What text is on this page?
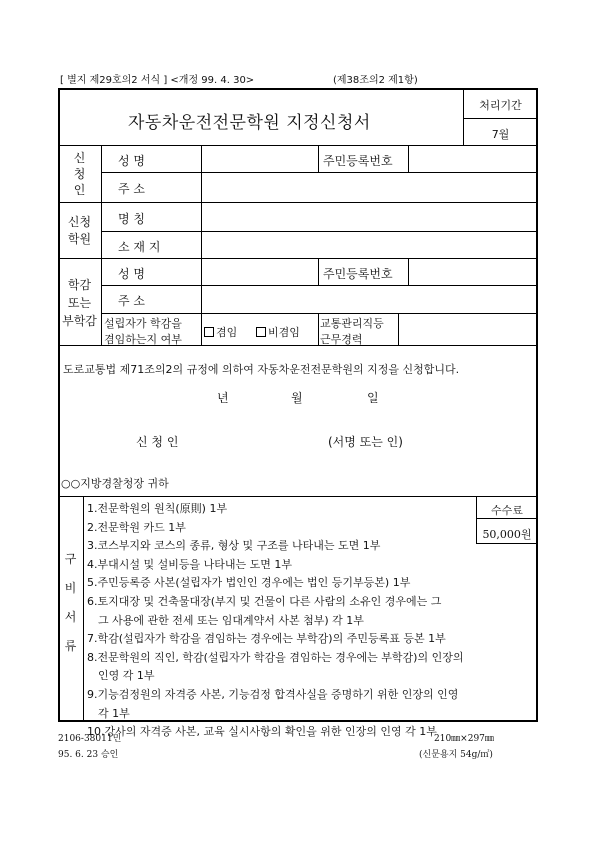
[ 별지 제29호의2 서식 ] <개정 99. 4. 30>	(제38조의2 제1항)
자동차운전전문학원 지정신청서
처리기간
7월
신
청
인
성 명	주민등록번호
주 소
신청
학원
명 칭
소 재 지
학감
또는
부학감
성 명	주민등록번호
주 소
설립자가 학감을
겸임하는지 여부
겸임	비겸임
교통관리직등
근무경력
도로교통법 제71조의2의 규정에 의하여 자동차운전전문학원의 지정을 신청합니다.
년	월	일
신 청 인	(서명 또는 인)
○○지방경찰청장 귀하
구
비
서
류
수수료
50,000원
1.전문학원의 원칙(原則) 1부
2.전문학원 카드 1부
3.코스부지와 코스의 종류, 형상 및 구조를 나타내는 도면 1부
4.부대시설 및 설비등을 나타내는 도면 1부
5.주민등록증 사본(설립자가 법인인 경우에는 법인 등기부등본) 1부
6.토지대장 및 건축물대장(부지 및 건물이 다른 사람의 소유인 경우에는 그
그 사용에 관한 전세 또는 임대계약서 사본 첨부) 각 1부
7.학감(설립자가 학감을 겸임하는 경우에는 부학감)의 주민등록표 등본 1부
8.전문학원의 직인, 학감(설립자가 학감을 겸임하는 경우에는 부학감)의 인장의
인영 각 1부
9.기능검정원의 자격증 사본, 기능검정 합격사실을 증명하기 위한 인장의 인영
각 1부
10.강사의 자격증 사본, 교육 실시사항의 확인을 위한 인장의 인영 각 1부
2106-38011민
95. 6. 23 승인
210㎜×297㎜
(신문용지 54g/㎡)
